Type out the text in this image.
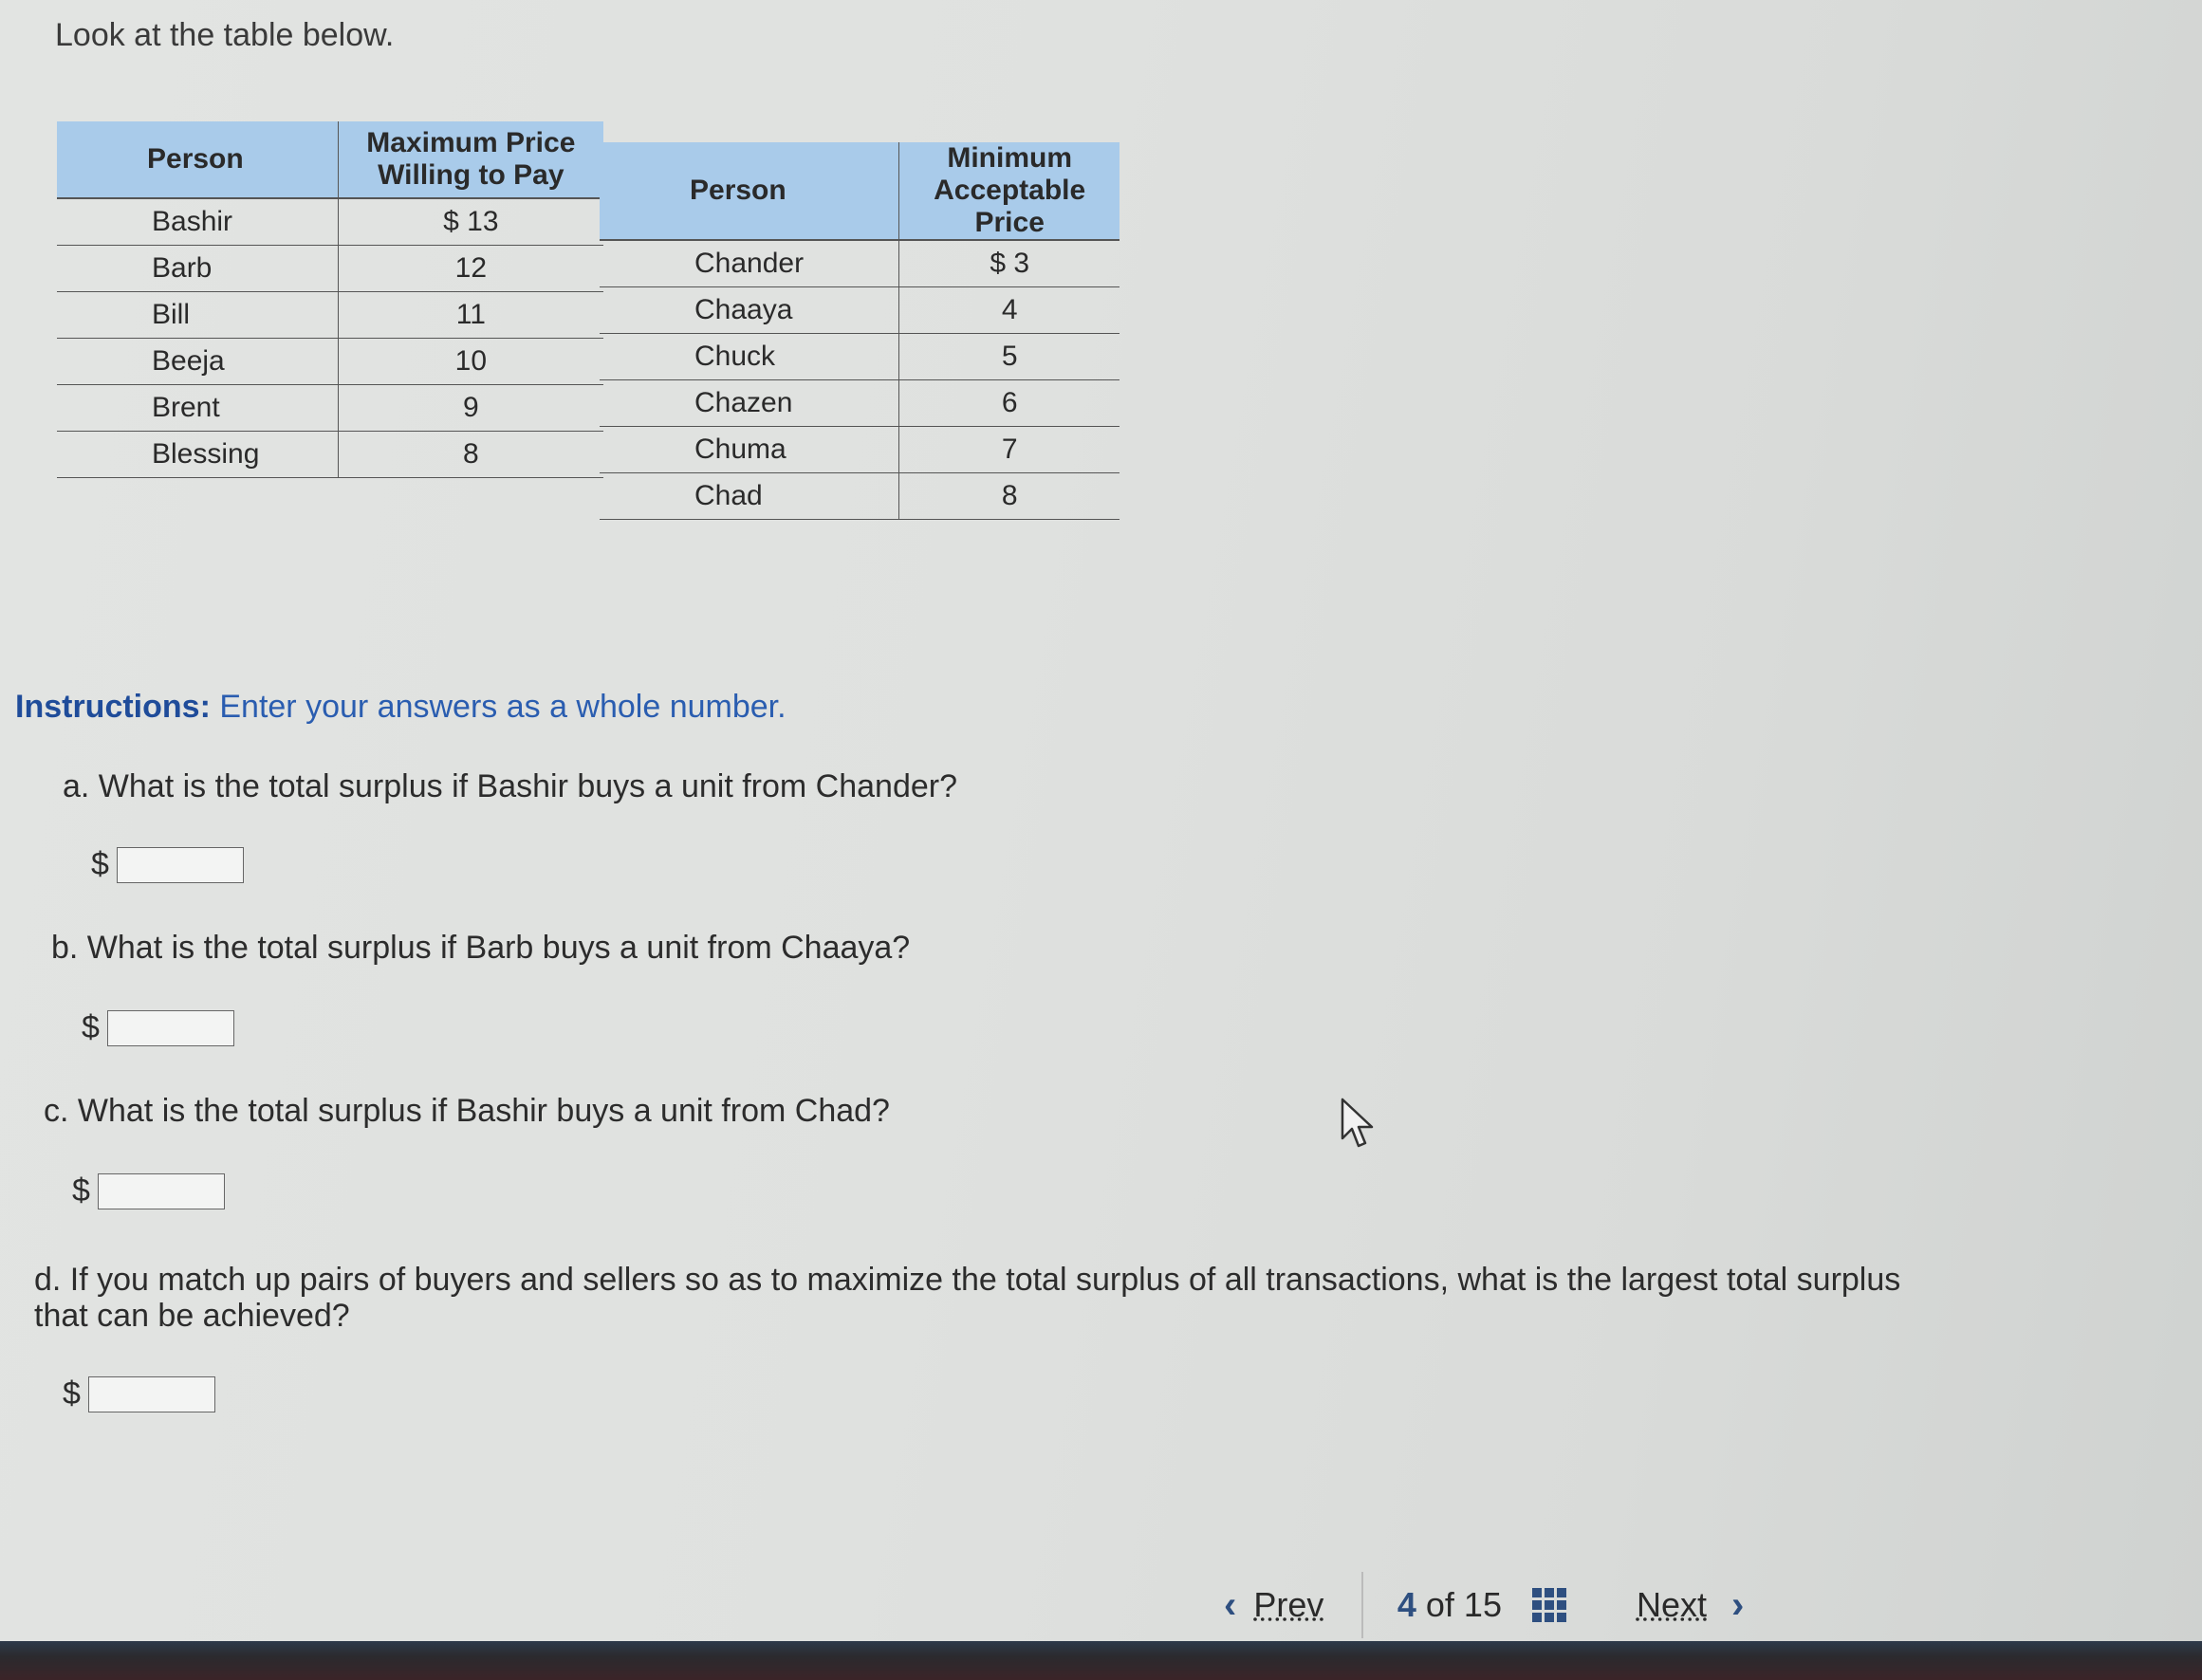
Look at the table below.

Person	Maximum Price Willing to Pay
Bashir	$ 13
Barb	12
Bill	11
Beeja	10
Brent	9
Blessing	8
Person	Minimum Acceptable Price
Chander	$ 3
Chaaya	4
Chuck	5
Chazen	6
Chuma	7
Chad	8

Instructions: Enter your answers as a whole number.

a. What is the total surplus if Bashir buys a unit from Chander?

$

b. What is the total surplus if Barb buys a unit from Chaaya?

$

c. What is the total surplus if Bashir buys a unit from Chad?

$

d. If you match up pairs of buyers and sellers so as to maximize the total surplus of all transactions, what is the largest total surplus that can be achieved?

$
‹ Prev 4 of 15	Next ›
